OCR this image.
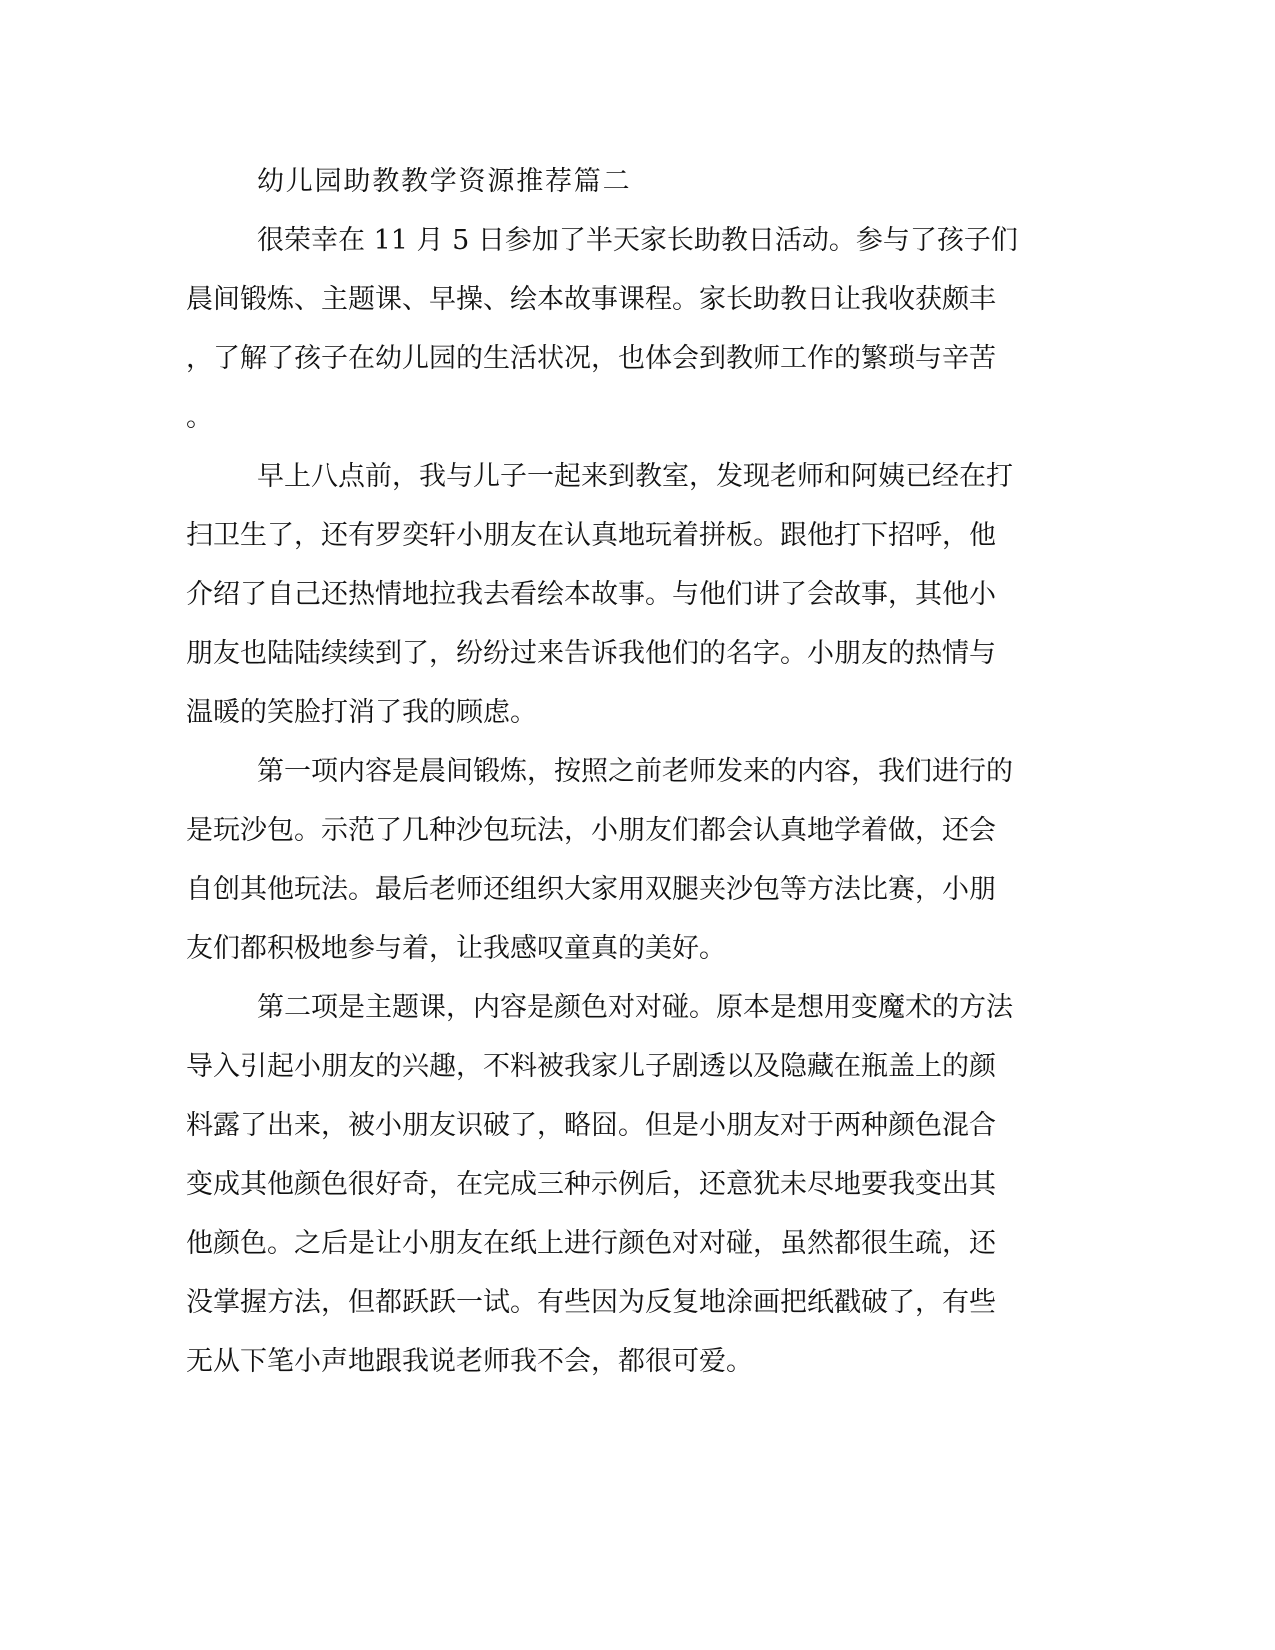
幼儿园助教教学资源推荐篇二
很荣幸在 11 月 5 日参加了半天家长助教日活动。参与了孩子们
晨间锻炼、主题课、早操、绘本故事课程。家长助教日让我收获颇丰
，了解了孩子在幼儿园的生活状况，也体会到教师工作的繁琐与辛苦
。
早上八点前，我与儿子一起来到教室，发现老师和阿姨已经在打
扫卫生了，还有罗奕轩小朋友在认真地玩着拼板。跟他打下招呼，他
介绍了自己还热情地拉我去看绘本故事。与他们讲了会故事，其他小
朋友也陆陆续续到了，纷纷过来告诉我他们的名字。小朋友的热情与
温暖的笑脸打消了我的顾虑。
第一项内容是晨间锻炼，按照之前老师发来的内容，我们进行的
是玩沙包。示范了几种沙包玩法，小朋友们都会认真地学着做，还会
自创其他玩法。最后老师还组织大家用双腿夹沙包等方法比赛，小朋
友们都积极地参与着，让我感叹童真的美好。
第二项是主题课，内容是颜色对对碰。原本是想用变魔术的方法
导入引起小朋友的兴趣，不料被我家儿子剧透以及隐藏在瓶盖上的颜
料露了出来，被小朋友识破了，略囧。但是小朋友对于两种颜色混合
变成其他颜色很好奇，在完成三种示例后，还意犹未尽地要我变出其
他颜色。之后是让小朋友在纸上进行颜色对对碰，虽然都很生疏，还
没掌握方法，但都跃跃一试。有些因为反复地涂画把纸戳破了，有些
无从下笔小声地跟我说老师我不会，都很可爱。
